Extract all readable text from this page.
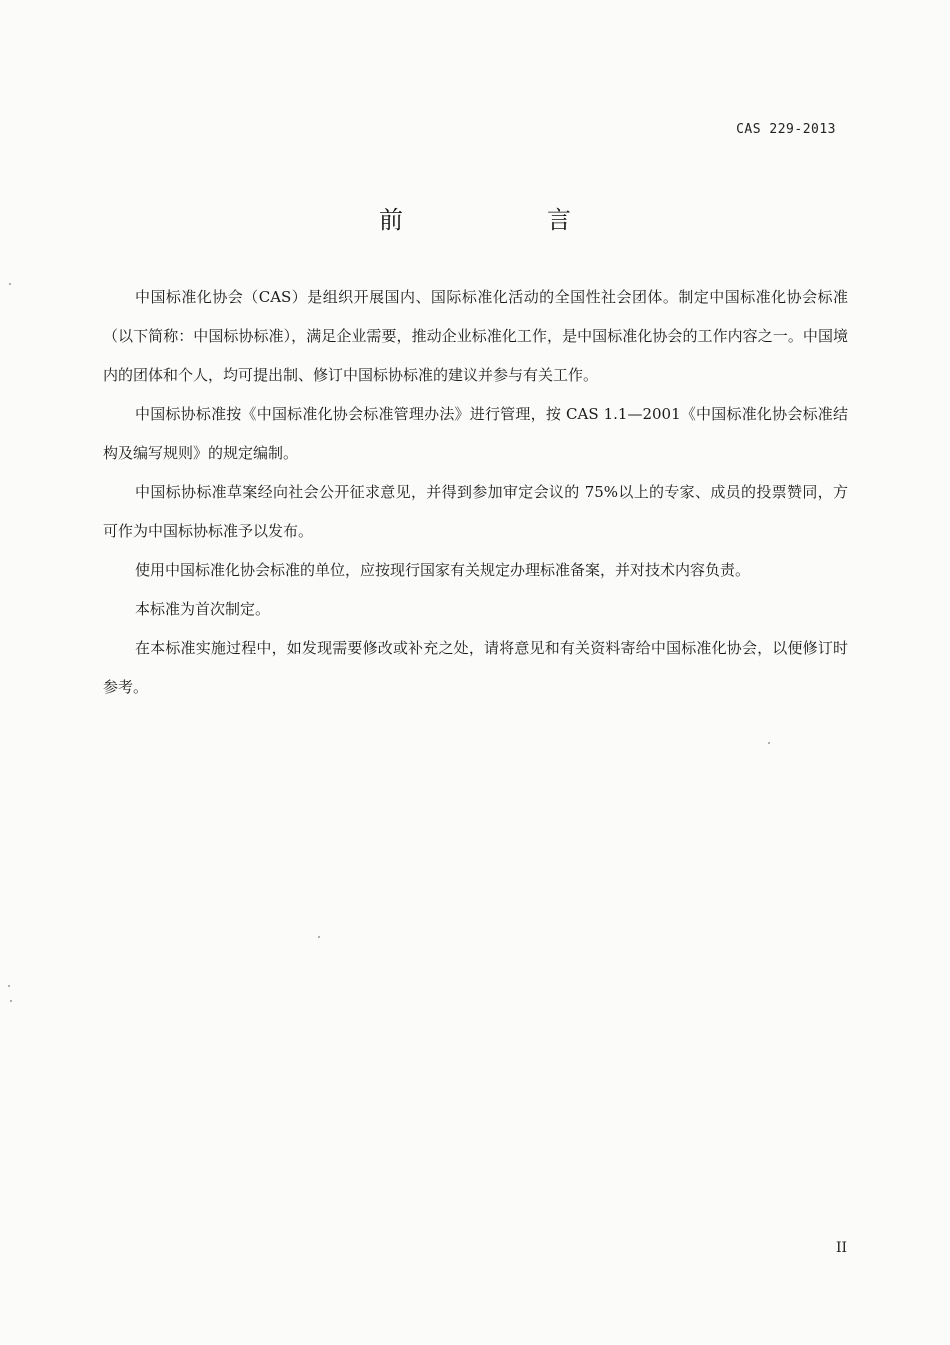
CAS 229-2013
前　言

中国标准化协会（CAS）是组织开展国内、国际标准化活动的全国性社会团体。制定中国标准化协会标准（以下简称：中国标协标准），满足企业需要，推动企业标准化工作，是中国标准化协会的工作内容之一。中国境内的团体和个人，均可提出制、修订中国标协标准的建议并参与有关工作。

中国标协标准按《中国标准化协会标准管理办法》进行管理，按 CAS 1.1—2001《中国标准化协会标准结构及编写规则》的规定编制。

中国标协标准草案经向社会公开征求意见，并得到参加审定会议的 75%以上的专家、成员的投票赞同，方可作为中国标协标准予以发布。

使用中国标准化协会标准的单位，应按现行国家有关规定办理标准备案，并对技术内容负责。

本标准为首次制定。

在本标准实施过程中，如发现需要修改或补充之处，请将意见和有关资料寄给中国标准化协会，以便修订时参考。

II
